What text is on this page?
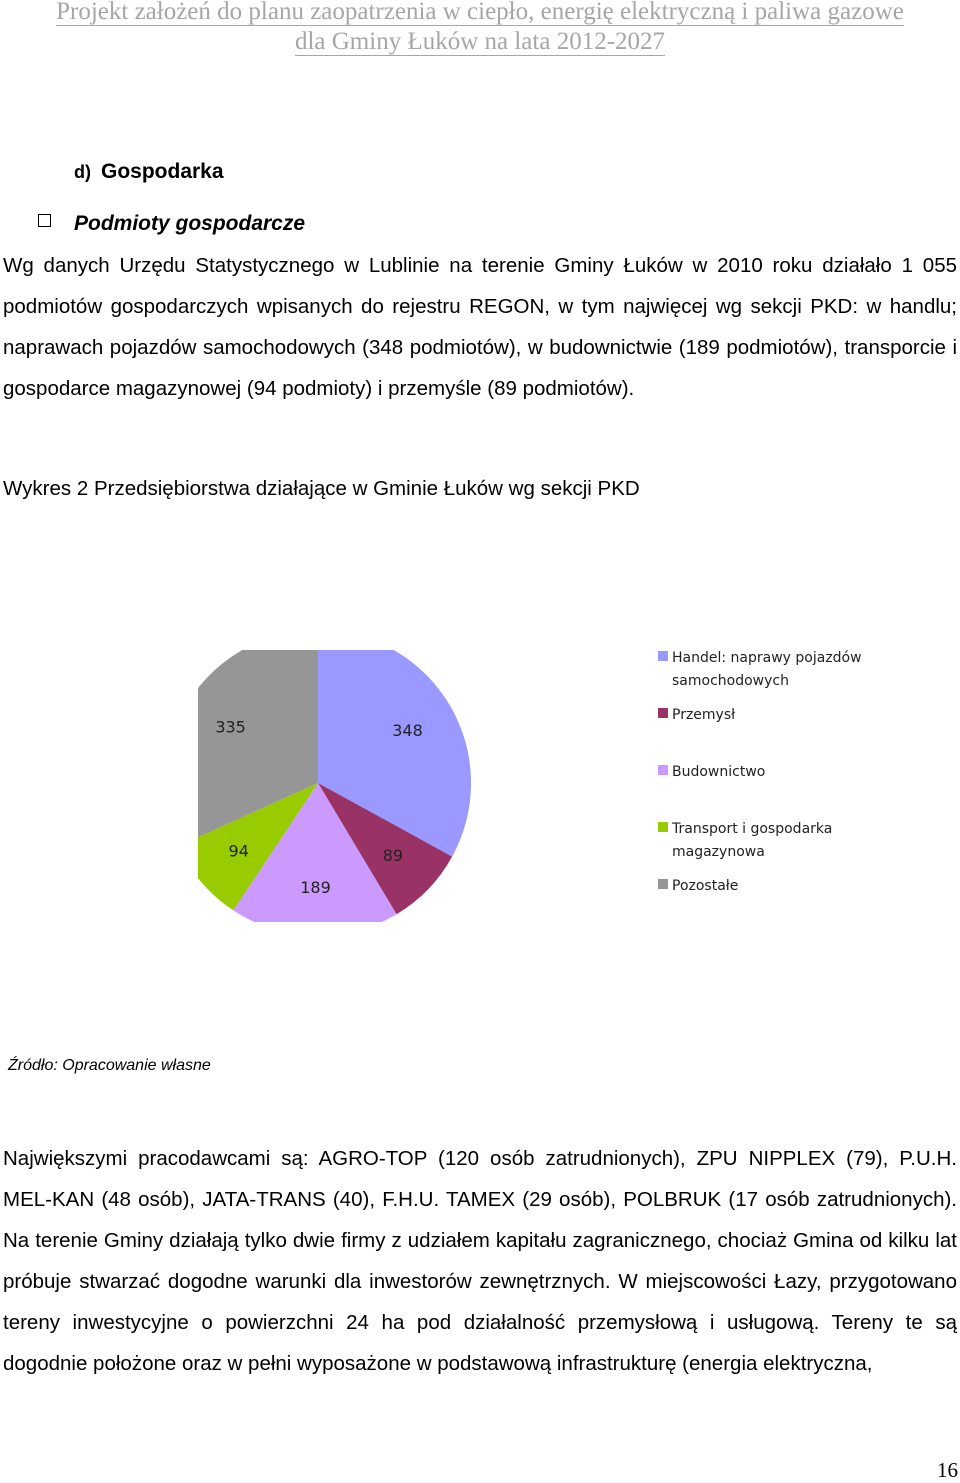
Projekt założeń do planu zaopatrzenia w ciepło, energię elektryczną i paliwa gazowe
dla Gminy Łuków na lata 2012-2027
d) Gospodarka
Podmioty gospodarcze
Wg danych Urzędu Statystycznego w Lublinie na terenie Gminy Łuków w 2010 roku działało 1 055 podmiotów gospodarczych wpisanych do rejestru REGON, w tym najwięcej wg sekcji PKD: w handlu; naprawach pojazdów samochodowych (348 podmiotów), w budownictwie (189 podmiotów), transporcie i gospodarce magazynowej (94 podmioty) i przemyśle (89 podmiotów).
Wykres 2 Przedsiębiorstwa działające w Gminie Łuków wg sekcji PKD
348
89
189
94
335
Handel: naprawy pojazdów
samochodowych
Przemysł
Budownictwo
Transport i gospodarka
magazynowa
Pozostałe
Źródło: Opracowanie własne
Największymi pracodawcami są: AGRO-TOP (120 osób zatrudnionych), ZPU NIPPLEX (79), P.U.H. MEL-KAN (48 osób), JATA-TRANS (40), F.H.U. TAMEX (29 osób), POLBRUK (17 osób zatrudnionych). Na terenie Gminy działają tylko dwie firmy z udziałem kapitału zagranicznego, chociaż Gmina od kilku lat próbuje stwarzać dogodne warunki dla inwestorów zewnętrznych. W miejscowości Łazy, przygotowano tereny inwestycyjne o powierzchni 24 ha pod działalność przemysłową i usługową. Tereny te są dogodnie położone oraz w pełni wyposażone w podstawową infrastrukturę (energia elektryczna,
16
